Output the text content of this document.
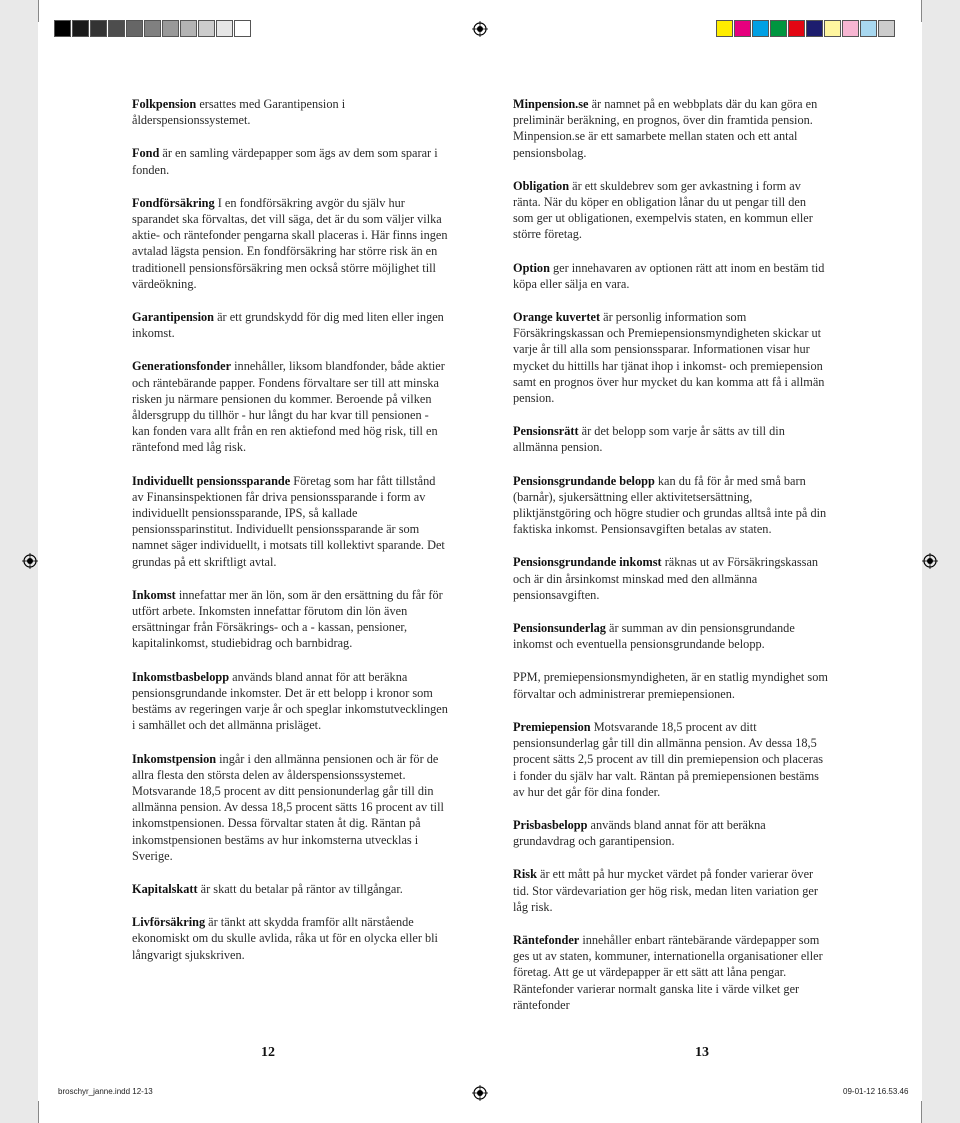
Folkpension ersattes med Garantipension i ålderspensionssystemet.

Fond är en samling värdepapper som ägs av dem som sparar i fonden.

Fondförsäkring I en fondförsäkring avgör du själv hur sparandet ska förvaltas, det vill säga, det är du som väljer vilka aktie- och räntefonder pengarna skall placeras i. Här finns ingen avtalad lägsta pension. En fondförsäkring har större risk än en traditionell pensionsförsäkring men också större möjlighet till värdeökning.

Garantipension är ett grundskydd för dig med liten eller ingen inkomst.

Generationsfonder innehåller, liksom blandfonder, både aktier och räntebärande papper. Fondens förvaltare ser till att minska risken ju närmare pensionen du kommer. Beroende på vilken åldersgrupp du tillhör - hur långt du har kvar till pensionen - kan fonden vara allt från en ren aktiefond med hög risk, till en räntefond med låg risk.

Individuellt pensionssparande Företag som har fått tillstånd av Finansinspektionen får driva pensionssparande i form av individuellt pensionssparande, IPS, så kallade pensionssparinstitut. Individuellt pensionssparande är som namnet säger individuellt, i motsats till kollektivt sparande. Det grundas på ett skriftligt avtal.

Inkomst innefattar mer än lön, som är den ersättning du får för utfört arbete. Inkomsten innefattar förutom din lön även ersättningar från Försäkrings- och a - kassan, pensioner, kapitalinkomst, studiebidrag och barnbidrag.

Inkomstbasbelopp används bland annat för att beräkna pensionsgrundande inkomster. Det är ett belopp i kronor som bestäms av regeringen varje år och speglar inkomstutvecklingen i samhället och det allmänna prisläget.

Inkomstpension ingår i den allmänna pensionen och är för de allra flesta den största delen av ålderspensionssystemet. Motsvarande 18,5 procent av ditt pensionunderlag går till din allmänna pension. Av dessa 18,5 procent sätts 16 procent av till inkomstpensionen. Dessa förvaltar staten åt dig. Räntan på inkomstpensionen bestäms av hur inkomsterna utvecklas i Sverige.

Kapitalskatt är skatt du betalar på räntor av tillgångar.

Livförsäkring är tänkt att skydda framför allt närstående ekonomiskt om du skulle avlida, råka ut för en olycka eller bli långvarigt sjukskriven.

Minpension.se är namnet på en webbplats där du kan göra en preliminär beräkning, en prognos, över din framtida pension. Minpension.se är ett samarbete mellan staten och ett antal pensionsbolag.

Obligation är ett skuldebrev som ger avkastning i form av ränta. När du köper en obligation lånar du ut pengar till den som ger ut obligationen, exempelvis staten, en kommun eller större företag.

Option ger innehavaren av optionen rätt att inom en bestäm tid köpa eller sälja en vara.

Orange kuvertet är personlig information som Försäkringskassan och Premiepensionsmyndigheten skickar ut varje år till alla som pensionssparar. Informationen visar hur mycket du hittills har tjänat ihop i inkomst- och premiepension samt en prognos över hur mycket du kan komma att få i allmän pension.

Pensionsrätt är det belopp som varje år sätts av till din allmänna pension.

Pensionsgrundande belopp kan du få för år med små barn (barnår), sjukersättning eller aktivitetsersättning, pliktjänstgöring och högre studier och grundas alltså inte på din faktiska inkomst. Pensionsavgiften betalas av staten.

Pensionsgrundande inkomst räknas ut av Försäkringskassan och är din årsinkomst minskad med den allmänna pensionsavgiften.

Pensionsunderlag är summan av din pensionsgrundande inkomst och eventuella pensionsgrundande belopp.

PPM, premiepensionsmyndigheten, är en statlig myndighet som förvaltar och administrerar premiepensionen.

Premiepension Motsvarande 18,5 procent av ditt pensionsunderlag går till din allmänna pension. Av dessa 18,5 procent sätts 2,5 procent av till din premiepension och placeras i fonder du själv har valt. Räntan på premiepensionen bestäms av hur det går för dina fonder.

Prisbasbelopp används bland annat för att beräkna grundavdrag och garantipension.

Risk är ett mått på hur mycket värdet på fonder varierar över tid. Stor värdevariation ger hög risk, medan liten variation ger låg risk.

Räntefonder innehåller enbart räntebärande värdepapper som ges ut av staten, kommuner, internationella organisationer eller företag. Att ge ut värdepapper är ett sätt att låna pengar. Räntefonder varierar normalt ganska lite i värde vilket ger räntefonder

12	13
broschyr_janne.indd 12-13	09-01-12 16.53.46
